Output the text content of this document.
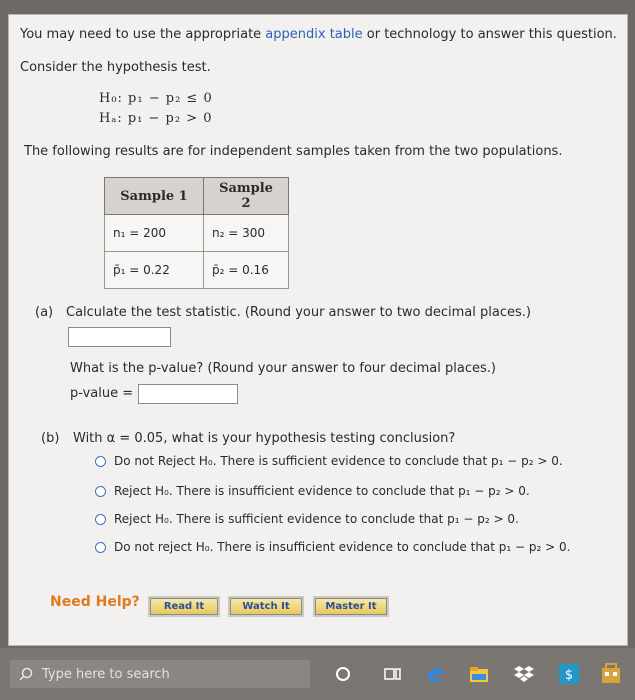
You may need to use the appropriate appendix table or technology to answer this question.
Consider the hypothesis test.
H₀: p₁ − p₂ ≤ 0
Hₐ: p₁ − p₂ > 0
The following results are for independent samples taken from the two populations.
Sample 1	Sample 2
n₁ = 200	n₂ = 300
p̄₁ = 0.22	p̄₂ = 0.16
(a) Calculate the test statistic. (Round your answer to two decimal places.)
What is the p-value? (Round your answer to four decimal places.)
p-value =
(b) With α = 0.05, what is your hypothesis testing conclusion?
Do not Reject H₀. There is sufficient evidence to conclude that p₁ − p₂ > 0.
Reject H₀. There is insufficient evidence to conclude that p₁ − p₂ > 0.
Reject H₀. There is sufficient evidence to conclude that p₁ − p₂ > 0.
Do not reject H₀. There is insufficient evidence to conclude that p₁ − p₂ > 0.
Need Help?	Read It	Watch It	Master It
Type here to search	$
